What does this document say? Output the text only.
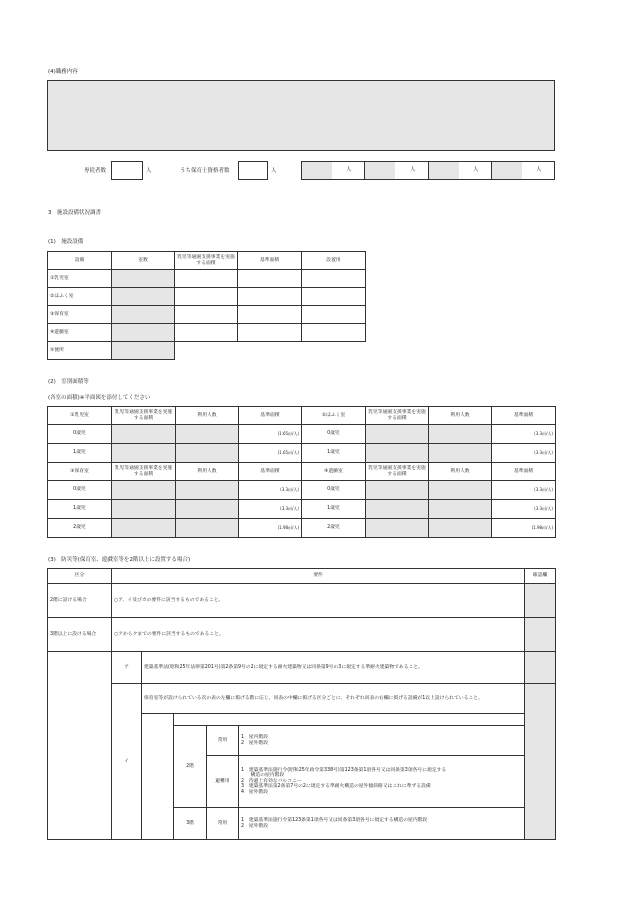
(4)職務内容
専従者数	人	うち保育士資格者数	人	人	人	人	人
3　施設設備状況調書
(1)　施設設備
設備	室数	乳児等通園支援事業を実施する面積	基準面積	設置用
①乳児室				
②ほふく室				
③保育室				
④遊戯室				
⑤便所				
(2)　室別面積等
(各室の面積)※平面図を添付してください
①乳児室	乳児等通園支援事業を実施する面積	利用人数	基準面積	②ほふく室	乳児等通園支援事業を実施する面積	利用人数	基準面積
0歳児			(1.65㎡/人)	0歳児			(3.3㎡/人)
1歳児			(1.65㎡/人)	1歳児			(3.3㎡/人)
③保育室	乳児等通園支援事業を実施する面積	利用人数	基準面積	④遊戯室	乳児等通園支援事業を実施する面積	利用人数	基準面積
0歳児			(3.3㎡/人)	0歳児			(3.3㎡/人)
1歳児			(3.3㎡/人)	1歳児			(3.3㎡/人)
2歳児			(1.98㎡/人)	2歳児			(1.98㎡/人)
(3)　防災等(保育室、遊戯室等を2階以上に設置する場合)
区分	要件					確認欄
2階に設ける場合	○ア、イ及びカの要件に該当するものであること。					
3階以上に設ける場合	○アからクまでの要件に該当するものであること。					
	ア	建築基準法(昭和25年法律第201号)第2条第9号の2に規定する耐火建築物又は同条第9号の3に規定する準耐火建築物であること。				
	イ	保育室等が設けられている次の表の左欄に掲げる階に応じ、同表の中欄に掲げる区分ごとに、それぞれ同表の右欄に掲げる設備が1以上設けられていること。				

			2階	常用	1　屋内階段
2　屋外階段	

				避難用	1　建築基準法施行令(昭和25年政令第338号)第123条第1項各号又は同条第3項各号に規定する
　　構造の屋内階段
2　待避上有効なバルコニー
3　建築基準法第2条第7号の2に規定する準耐火構造の屋外傾斜路又はこれに準ずる設備
4　屋外階段	

			3階	常用	1　建築基準法施行令第123条第1項各号又は同条第3項各号に規定する構造の屋内階段
2　屋外階段	
